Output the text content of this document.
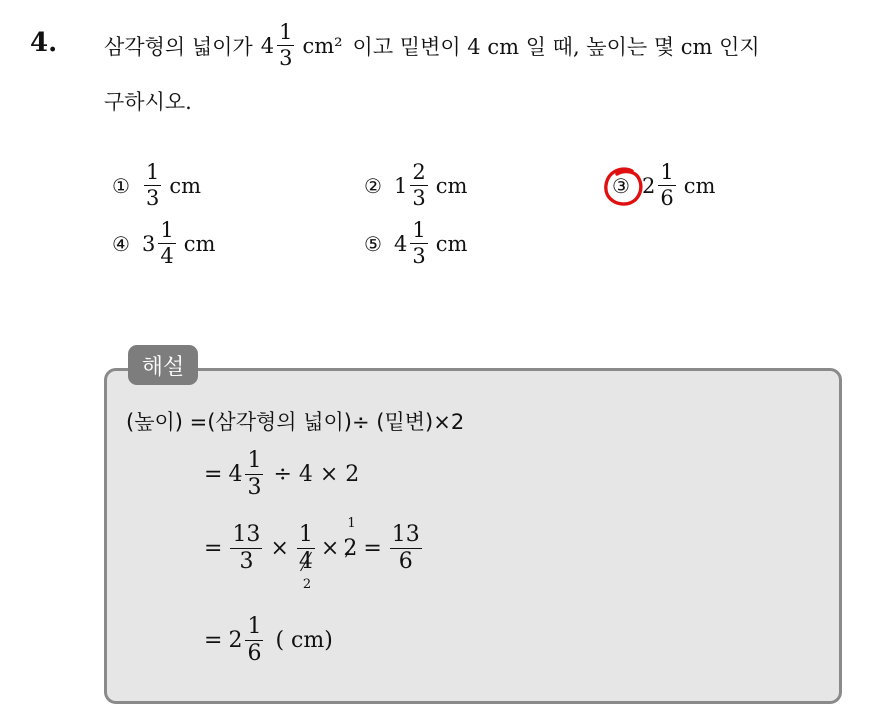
4. 삼각형의 넓이가 $4 \frac{1}{3} cm^2$ 이고 밑변이 4 cm 일 때, 높이는 몇 cm 인지
구하시오.
① $\frac{1}{3}$ cm	② $1 \frac{2}{3}$ cm	③ $2 \frac{1}{6}$ cm
④ $3 \frac{1}{4}$ cm	⑤ $4 \frac{1}{3}$ cm
해설
(높이) =(삼각형의 넓이)÷ (밑변)×2
= $4 \frac{1}{3} \div 4 \times 2$
= $\frac{13}{3}$ ×
1
4
2
× 2
1
= $\frac{13}{6}$
= $2 \frac{1}{6}$ ( cm)
